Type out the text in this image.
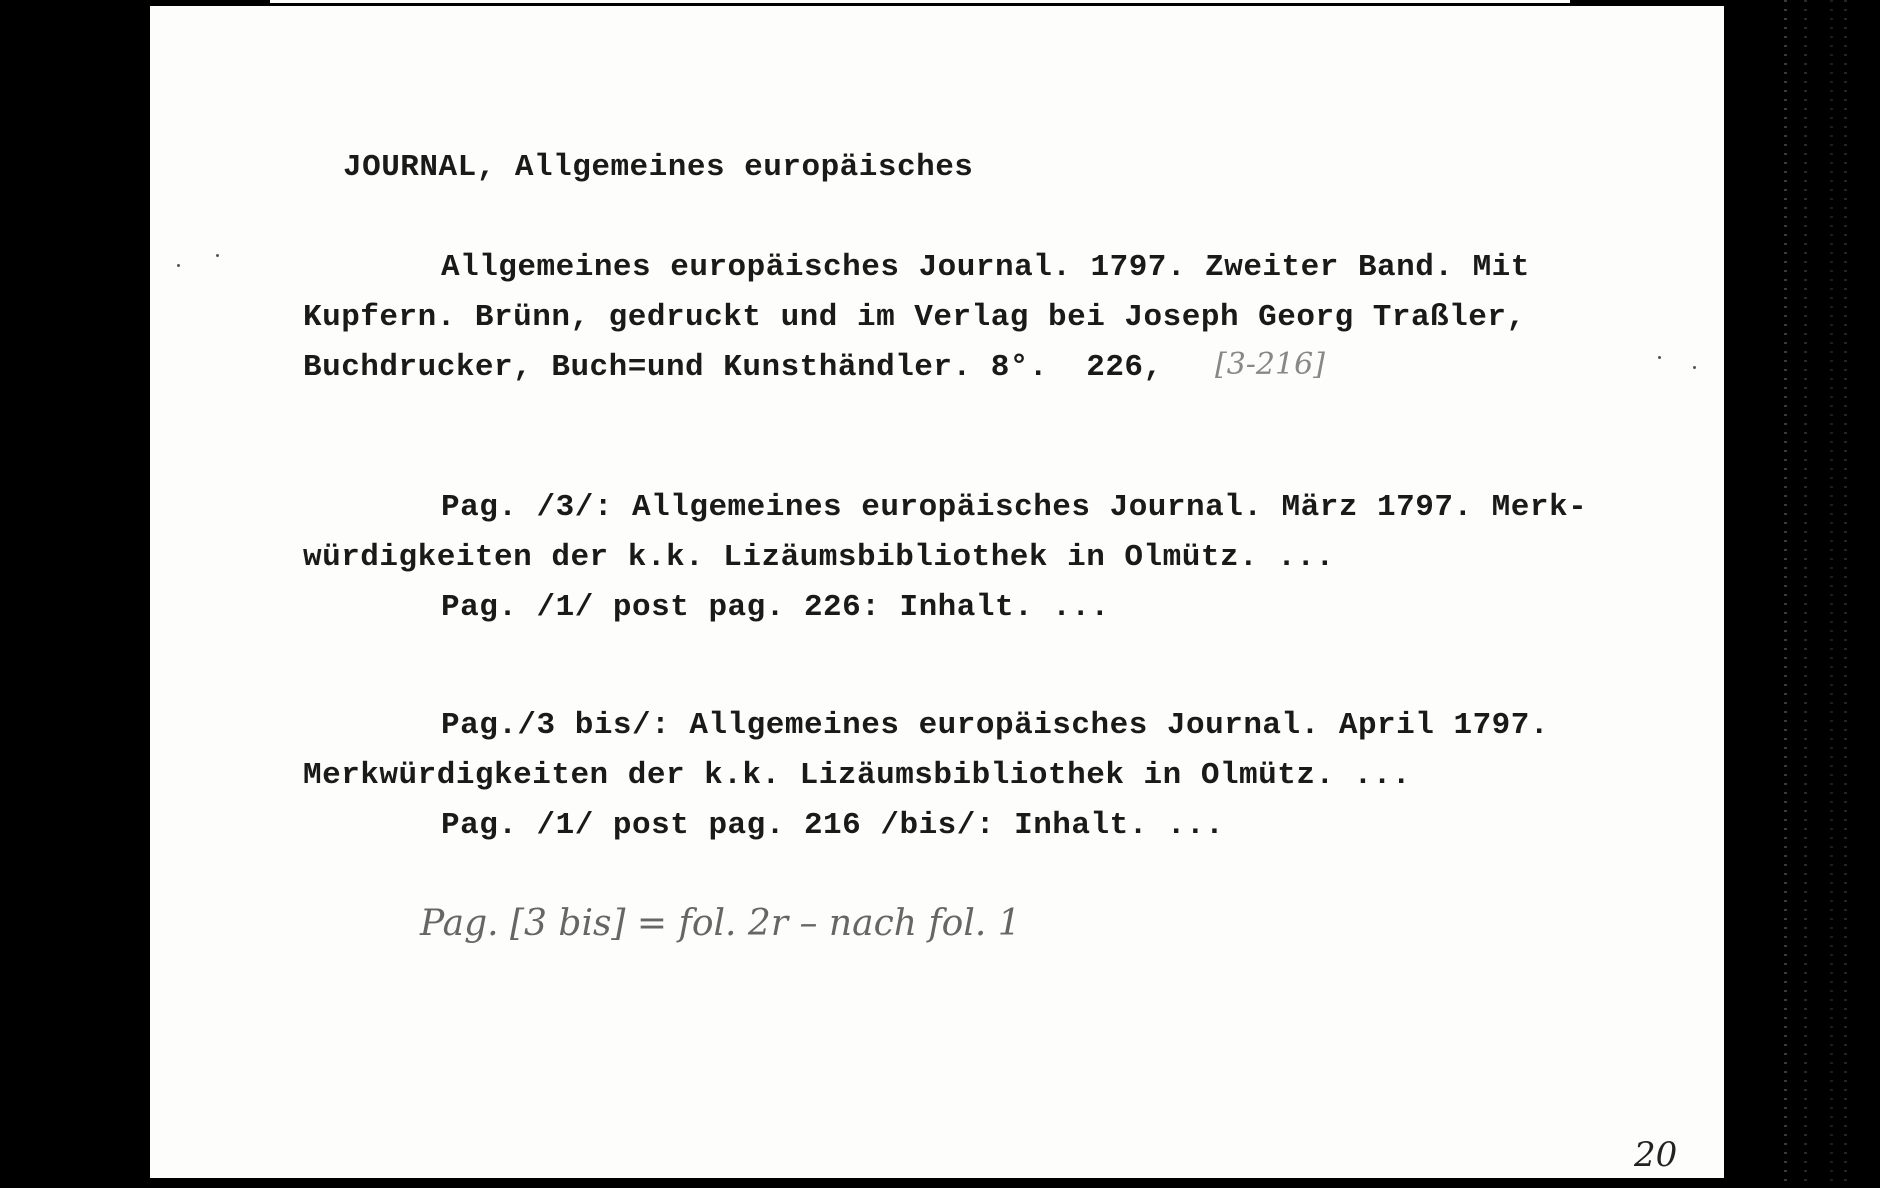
JOURNAL, Allgemeines europäisches
Allgemeines europäisches Journal. 1797. Zweiter Band. Mit
Kupfern. Brünn, gedruckt und im Verlag bei Joseph Georg Traßler,
Buchdrucker, Buch=und Kunsthändler. 8°.  226, [3-216]
Pag. /3/: Allgemeines europäisches Journal. März 1797. Merk-
würdigkeiten der k.k. Lizäumsbibliothek in Olmütz. ...
Pag. /1/ post pag. 226: Inhalt. ...
Pag./3 bis/: Allgemeines europäisches Journal. April 1797.
Merkwürdigkeiten der k.k. Lizäumsbibliothek in Olmütz. ...
Pag. /1/ post pag. 216 /bis/: Inhalt. ...
Pag. [3 bis] = fol. 2r – nach fol. 1
20
